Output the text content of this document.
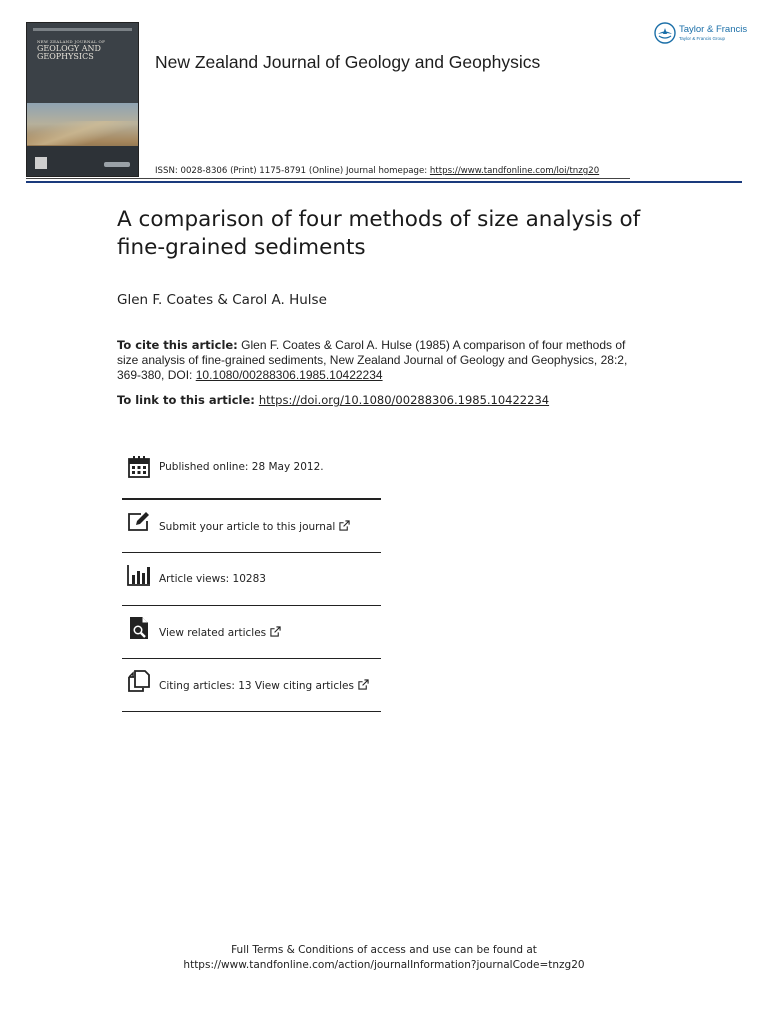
NEW ZEALAND JOURNAL OF
GEOLOGY AND
GEOPHYSICS	New Zealand Journal of Geology and Geophysics
Taylor & Francis
Taylor & Francis Group
ISSN: 0028-8306 (Print) 1175-8791 (Online) Journal homepage: https://www.tandfonline.com/loi/tnzg20
A comparison of four methods of size analysis of fine-grained sediments
Glen F. Coates & Carol A. Hulse
To cite this article: Glen F. Coates & Carol A. Hulse (1985) A comparison of four methods of size analysis of fine-grained sediments, New Zealand Journal of Geology and Geophysics, 28:2, 369-380, DOI: 10.1080/00288306.1985.10422234
To link to this article: https://doi.org/10.1080/00288306.1985.10422234
Published online: 28 May 2012.
Submit your article to this journal
Article views: 10283
View related articles
Citing articles: 13 View citing articles
Full Terms & Conditions of access and use can be found at
https://www.tandfonline.com/action/journalInformation?journalCode=tnzg20
